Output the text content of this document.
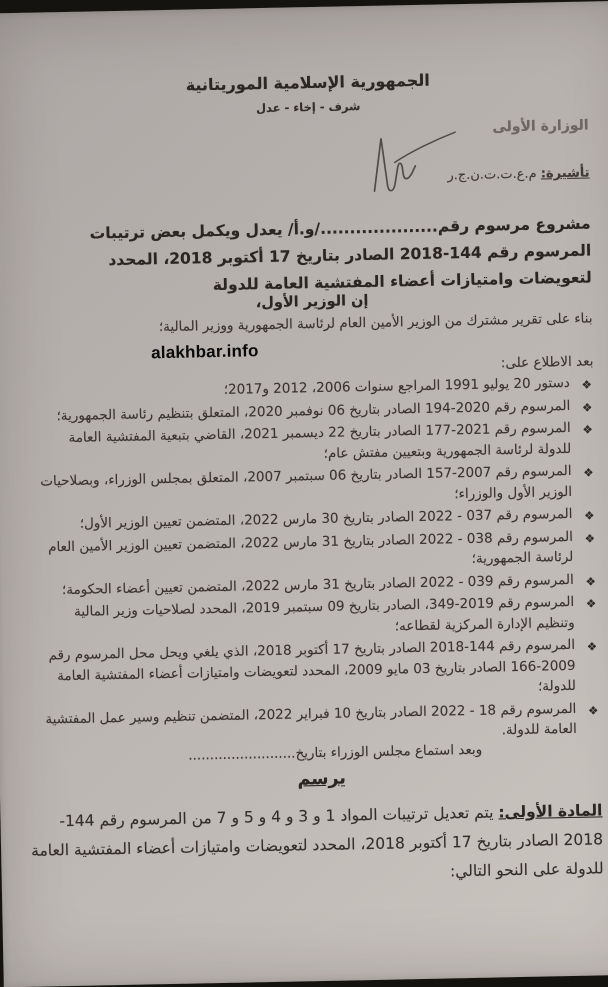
الجمهورية الإسلامية الموريتانية
شرف - إخاء - عدل
الوزارة الأولى
تأشيرة: م.ع.ت.ت.ن.ج.ر
مشروع مرسوم رقم..................../و.أ/ يعدل ويكمل بعض ترتيبات المرسوم رقم 144-2018 الصادر بتاريخ 17 أكتوبر 2018، المحدد لتعويضات وامتيازات أعضاء المفتشية العامة للدولة
إن الوزير الأول،
بناء على تقرير مشترك من الوزير الأمين العام لرئاسة الجمهورية ووزير المالية؛
alakhbar.info
بعد الاطلاع على:
❖
دستور 20 يوليو 1991 المراجع سنوات 2006، 2012 و2017؛
❖
المرسوم رقم 2020-194 الصادر بتاريخ 06 نوفمبر 2020، المتعلق بتنظيم رئاسة الجمهورية؛
❖
المرسوم رقم 2021-177 الصادر بتاريخ 22 ديسمبر 2021، القاضي بتبعية المفتشية العامة للدولة لرئاسة الجمهورية وبتعيين مفتش عام؛
❖
المرسوم رقم 2007-157 الصادر بتاريخ 06 سبتمبر 2007، المتعلق بمجلس الوزراء، وبصلاحيات الوزير الأول والوزراء؛
❖
المرسوم رقم ‎2022 - 037‎ الصادر بتاريخ 30 مارس 2022، المتضمن تعيين الوزير الأول؛
❖
المرسوم رقم ‎2022 - 038‎ الصادر بتاريخ 31 مارس 2022، المتضمن تعيين الوزير الأمين العام لرئاسة الجمهورية؛
❖
المرسوم رقم ‎2022 - 039‎ الصادر بتاريخ 31 مارس 2022، المتضمن تعيين أعضاء الحكومة؛
❖
المرسوم رقم 2019-349، الصادر بتاريخ 09 سبتمبر 2019، المحدد لصلاحيات وزير المالية وتنظيم الإدارة المركزية لقطاعه؛
❖
المرسوم رقم 144-2018 الصادر بتاريخ 17 أكتوبر 2018، الذي يلغي ويحل محل المرسوم رقم 2009-166 الصادر بتاريخ 03 مايو 2009، المحدد لتعويضات وامتيازات أعضاء المفتشية العامة للدولة؛
❖
المرسوم رقم ‎2022 - 18‎ الصادر بتاريخ 10 فبراير 2022، المتضمن تنظيم وسير عمل المفتشية العامة للدولة.
وبعد استماع مجلس الوزراء بتاريخ.........................
يرسم
المادة الأولى: يتم تعديل ترتيبات المواد 1 و 3 و 4 و 5 و 7 من المرسوم رقم 144-2018 الصادر بتاريخ 17 أكتوبر 2018، المحدد لتعويضات وامتيازات أعضاء المفتشية العامة للدولة على النحو التالي:
